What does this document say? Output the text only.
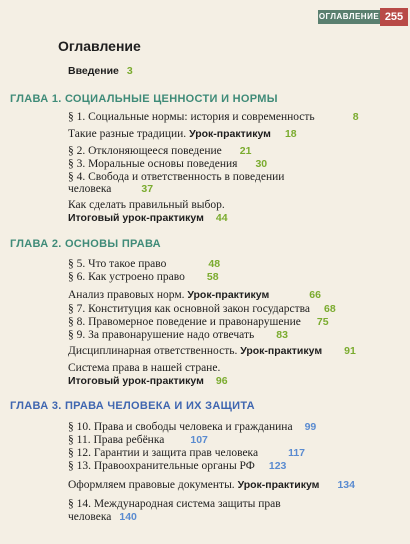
ОГЛАВЛЕНИЕ 255
Оглавление
Введение 3
ГЛАВА 1. СОЦИАЛЬНЫЕ ЦЕННОСТИ И НОРМЫ
§ 1. Социальные нормы: история и современность	8
Такие разные традиции. Урок-практикум 18
§ 2. Отклоняющееся поведение 21
§ 3. Моральные основы поведения 30
§ 4. Свобода и ответственность в поведении
человека	37
Как сделать правильный выбор.
Итоговый урок-практикум 44
ГЛАВА 2. ОСНОВЫ ПРАВА
§ 5. Что такое право	48
§ 6. Как устроено право 58
Анализ правовых норм. Урок-практикум	66
§ 7. Конституция как основной закон государства 68
§ 8. Правомерное поведение и правонарушение 75
§ 9. За правонарушение надо отвечать 83
Дисциплинарная ответственность. Урок-практикум 91
Система права в нашей стране.
Итоговый урок-практикум 96
ГЛАВА 3. ПРАВА ЧЕЛОВЕКА И ИХ ЗАЩИТА
§ 10. Права и свободы человека и гражданина 99
§ 11. Права ребёнка 107
§ 12. Гарантии и защита прав человека	117
§ 13. Правоохранительные органы РФ 123
Оформляем правовые документы. Урок-практикум 134
§ 14. Международная система защиты прав
человека 140
